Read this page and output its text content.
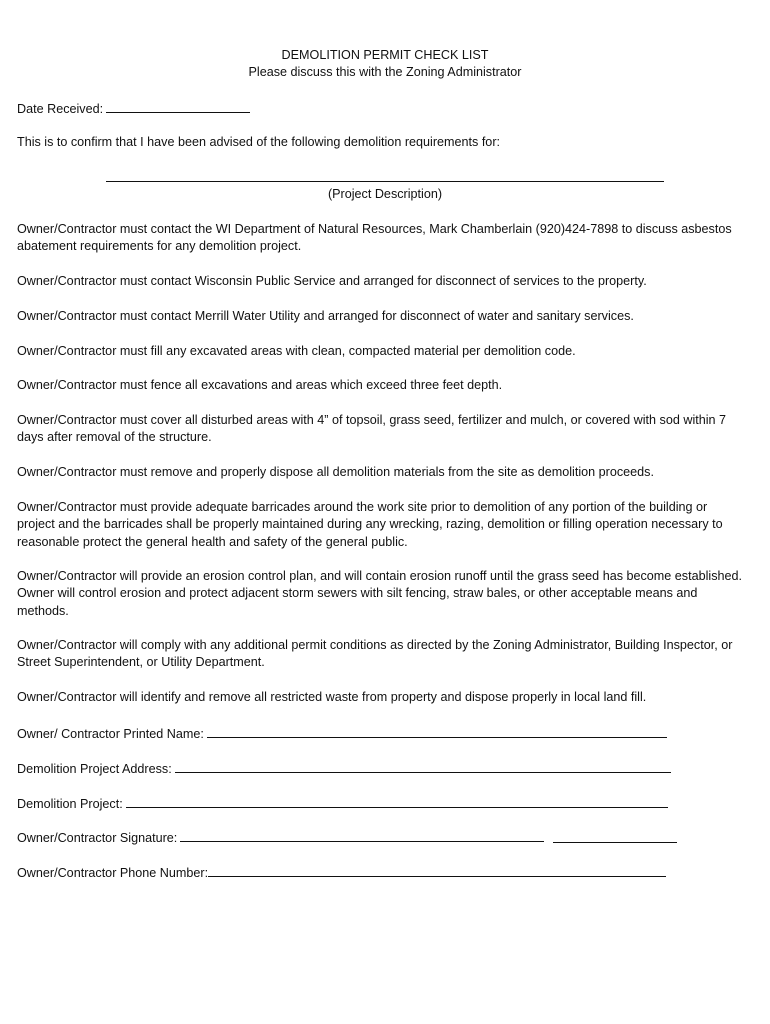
DEMOLITION PERMIT CHECK LIST
Please discuss this with the Zoning Administrator
Date Received:
This is to confirm that I have been advised of the following demolition requirements for:
(Project Description)
Owner/Contractor must contact the WI Department of Natural Resources, Mark Chamberlain (920)424-7898 to discuss asbestos abatement requirements for any demolition project.
Owner/Contractor must contact Wisconsin Public Service and arranged for disconnect of services to the property.
Owner/Contractor must contact Merrill Water Utility and arranged for disconnect of water and sanitary services.
Owner/Contractor must fill any excavated areas with clean, compacted material per demolition code.
Owner/Contractor must fence all excavations and areas which exceed three feet depth.
Owner/Contractor must cover all disturbed areas with 4” of topsoil, grass seed, fertilizer and mulch, or covered with sod within 7 days after removal of the structure.
Owner/Contractor must remove and properly dispose all demolition materials from the site as demolition proceeds.
Owner/Contractor must provide adequate barricades around the work site prior to demolition of any portion of the building or project and the barricades shall be properly maintained during any wrecking, razing, demolition or filling operation necessary to reasonable protect the general health and safety of the general public.
Owner/Contractor will provide an erosion control plan, and will contain erosion runoff until the grass seed has become established. Owner will control erosion and protect adjacent storm sewers with silt fencing, straw bales, or other acceptable means and methods.
Owner/Contractor will comply with any additional permit conditions as directed by the Zoning Administrator, Building Inspector, or Street Superintendent, or Utility Department.
Owner/Contractor will identify and remove all restricted waste from property and dispose properly in local land fill.
Owner/ Contractor Printed Name:
Demolition Project Address:
Demolition Project:
Owner/Contractor Signature:
Owner/Contractor Phone Number:
